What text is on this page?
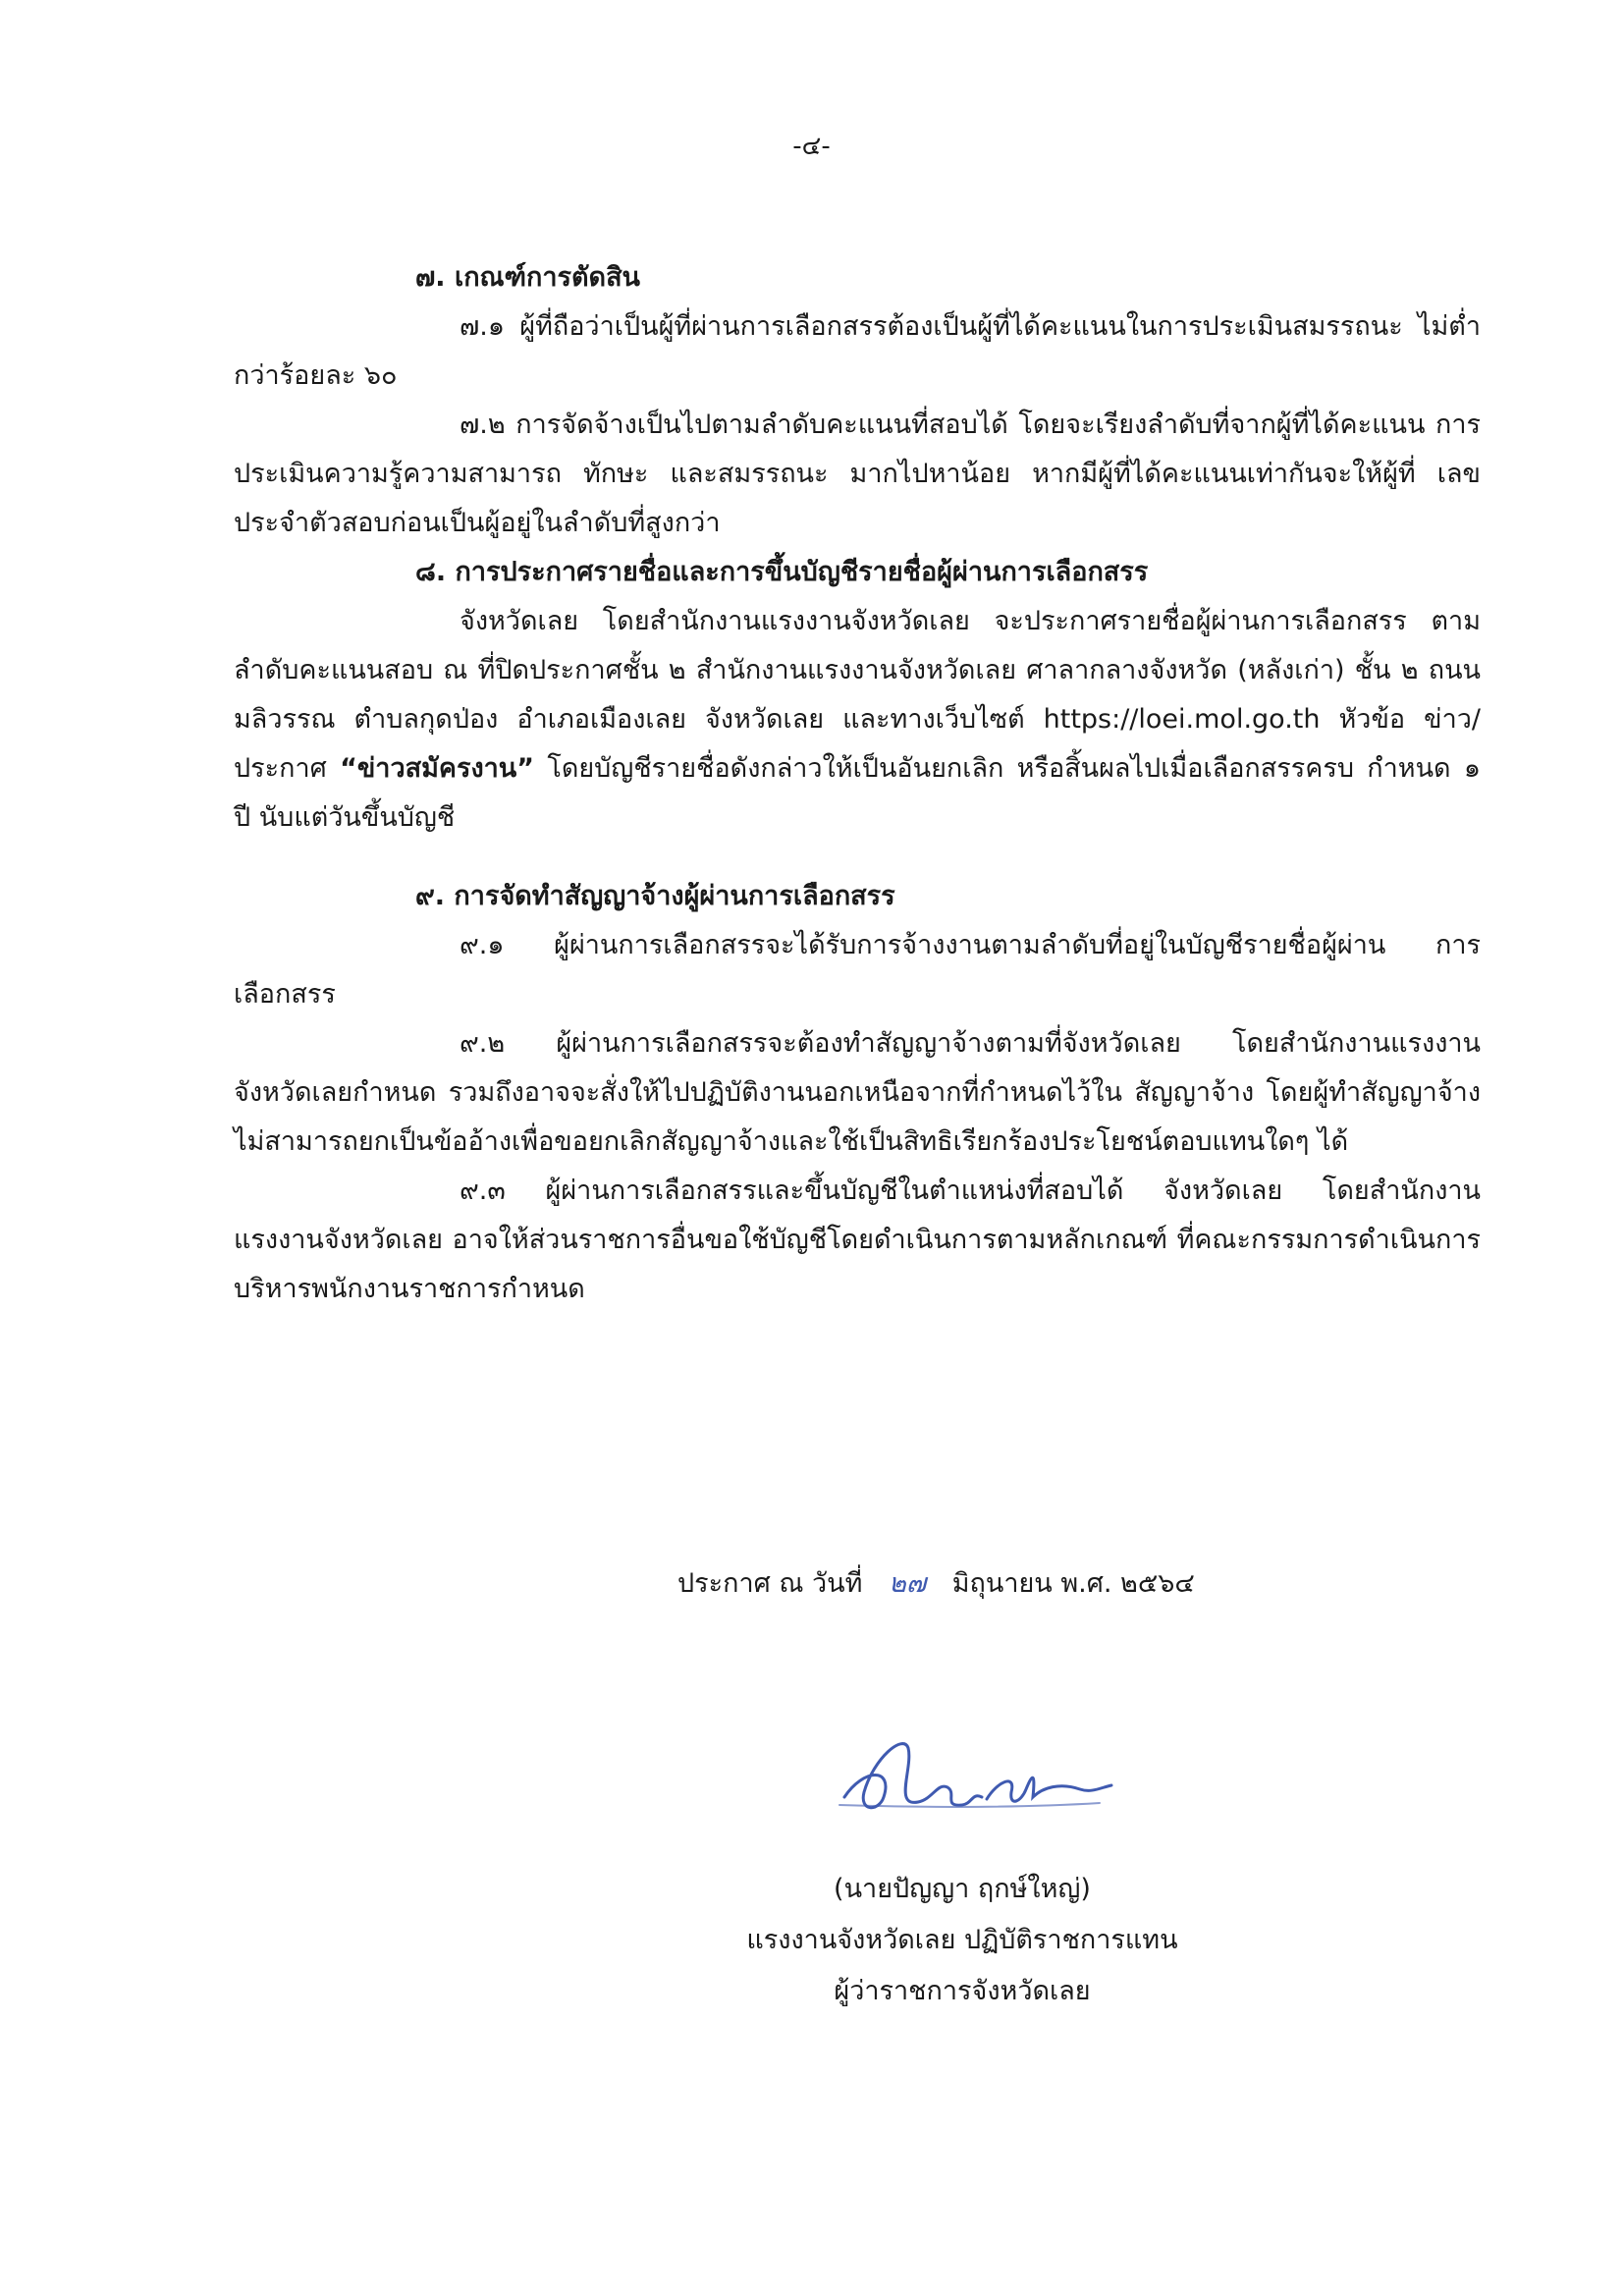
-๔-

๗. เกณฑ์การตัดสิน

๗.๑ ผู้ที่ถือว่าเป็นผู้ที่ผ่านการเลือกสรรต้องเป็นผู้ที่ได้คะแนนในการประเมินสมรรถนะ ไม่ต่ำกว่าร้อยละ ๖๐

๗.๒ การจัดจ้างเป็นไปตามลำดับคะแนนที่สอบได้ โดยจะเรียงลำดับที่จากผู้ที่ได้คะแนน การประเมินความรู้ความสามารถ ทักษะ และสมรรถนะ มากไปหาน้อย หากมีผู้ที่ได้คะแนนเท่ากันจะให้ผู้ที่ เลขประจำตัวสอบก่อนเป็นผู้อยู่ในลำดับที่สูงกว่า

๘. การประกาศรายชื่อและการขึ้นบัญชีรายชื่อผู้ผ่านการเลือกสรร

จังหวัดเลย โดยสำนักงานแรงงานจังหวัดเลย จะประกาศรายชื่อผู้ผ่านการเลือกสรร ตามลำดับคะแนนสอบ ณ ที่ปิดประกาศชั้น ๒ สำนักงานแรงงานจังหวัดเลย ศาลากลางจังหวัด (หลังเก่า) ชั้น ๒ ถนนมลิวรรณ ตำบลกุดป่อง อำเภอเมืองเลย จังหวัดเลย และทางเว็บไซต์ https://loei.mol.go.th หัวข้อ ข่าว/ประกาศ “ข่าวสมัครงาน” โดยบัญชีรายชื่อดังกล่าวให้เป็นอันยกเลิก หรือสิ้นผลไปเมื่อเลือกสรรครบ กำหนด ๑ ปี นับแต่วันขึ้นบัญชี

๙. การจัดทำสัญญาจ้างผู้ผ่านการเลือกสรร

๙.๑ ผู้ผ่านการเลือกสรรจะได้รับการจ้างงานตามลำดับที่อยู่ในบัญชีรายชื่อผู้ผ่าน การเลือกสรร

๙.๒ ผู้ผ่านการเลือกสรรจะต้องทำสัญญาจ้างตามที่จังหวัดเลย โดยสำนักงานแรงงาน จังหวัดเลยกำหนด รวมถึงอาจจะสั่งให้ไปปฏิบัติงานนอกเหนือจากที่กำหนดไว้ใน สัญญาจ้าง โดยผู้ทำสัญญาจ้าง ไม่สามารถยกเป็นข้ออ้างเพื่อขอยกเลิกสัญญาจ้างและใช้เป็นสิทธิเรียกร้องประโยชน์ตอบแทนใดๆ ได้

๙.๓ ผู้ผ่านการเลือกสรรและขึ้นบัญชีในตำแหน่งที่สอบได้ จังหวัดเลย โดยสำนักงาน แรงงานจังหวัดเลย อาจให้ส่วนราชการอื่นขอใช้บัญชีโดยดำเนินการตามหลักเกณฑ์ ที่คณะกรรมการดำเนินการ บริหารพนักงานราชการกำหนด

ประกาศ ณ วันที่ ๒๗ มิถุนายน พ.ศ. ๒๕๖๔
(นายปัญญา ฤกษ์ใหญ่)
แรงงานจังหวัดเลย ปฏิบัติราชการแทน
ผู้ว่าราชการจังหวัดเลย
